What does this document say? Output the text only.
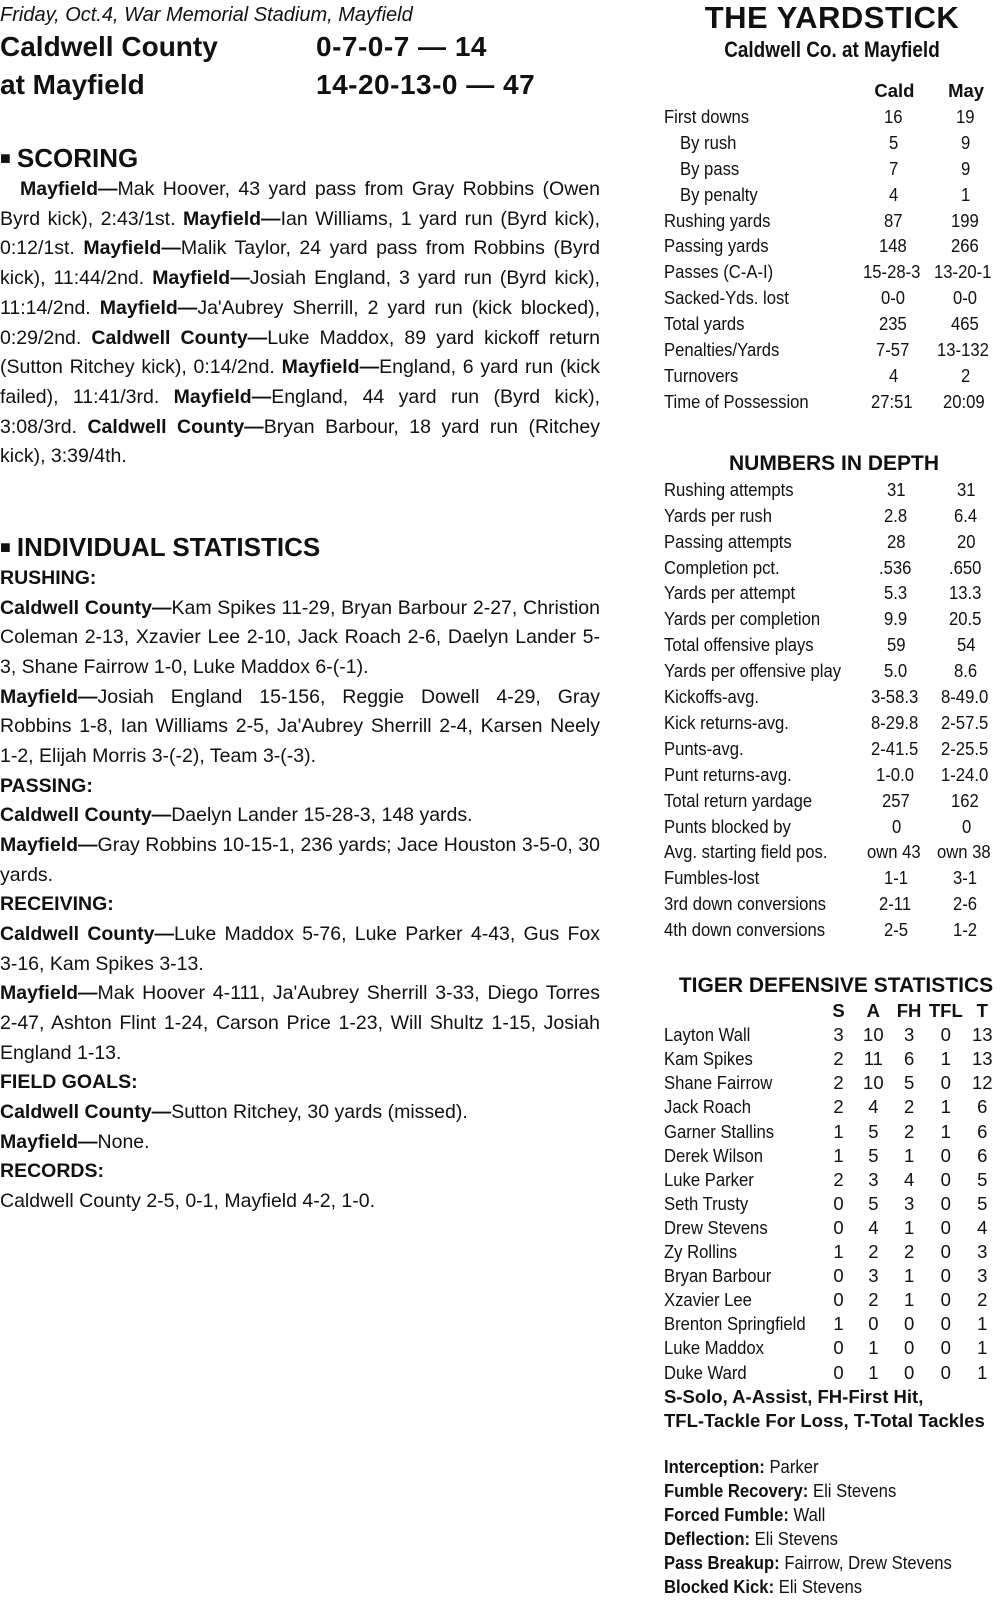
Friday, Oct.4, War Memorial Stadium, Mayfield
Caldwell County	0-7-0-7 — 14
at Mayfield	14-20-13-0 — 47
■ SCORING

Mayfield—Mak Hoover, 43 yard pass from Gray Robbins (Owen Byrd kick), 2:43/1st. Mayfield—Ian Williams, 1 yard run (Byrd kick), 0:12/1st. Mayfield—Malik Taylor, 24 yard pass from Robbins (Byrd kick), 11:44/2nd. Mayfield—Josiah England, 3 yard run (Byrd kick), 11:14/2nd. Mayfield—Ja'Aubrey Sherrill, 2 yard run (kick blocked), 0:29/2nd. Caldwell County—Luke Maddox, 89 yard kickoff return (Sutton Ritchey kick), 0:14/2nd. Mayfield—England, 6 yard run (kick failed), 11:41/3rd. Mayfield—England, 44 yard run (Byrd kick), 3:08/3rd. Caldwell County—Bryan Barbour, 18 yard run (Ritchey kick), 3:39/4th.

■ INDIVIDUAL STATISTICS
RUSHING:

Caldwell County—Kam Spikes 11-29, Bryan Barbour 2-27, Christion Coleman 2-13, Xzavier Lee 2-10, Jack Roach 2-6, Daelyn Lander 5-3, Shane Fairrow 1-0, Luke Maddox 6-(-1).

Mayfield—Josiah England 15-156, Reggie Dowell 4-29, Gray Robbins 1-8, Ian Williams 2-5, Ja'Aubrey Sherrill 2-4, Karsen Neely 1-2, Elijah Morris 3-(-2), Team 3-(-3).

PASSING:

Caldwell County—Daelyn Lander 15-28-3, 148 yards.

Mayfield—Gray Robbins 10-15-1, 236 yards; Jace Houston 3-5-0, 30 yards.

RECEIVING:

Caldwell County—Luke Maddox 5-76, Luke Parker 4-43, Gus Fox 3-16, Kam Spikes 3-13.

Mayfield—Mak Hoover 4-111, Ja'Aubrey Sherrill 3-33, Diego Torres 2-47, Ashton Flint 1-24, Carson Price 1-23, Will Shultz 1-15, Josiah England 1-13.

FIELD GOALS:

Caldwell County—Sutton Ritchey, 30 yards (missed).

Mayfield—None.

RECORDS:
Caldwell County 2-5, 0-1, Mayfield 4-2, 1-0.
THE YARDSTICK
Caldwell Co. at Mayfield
	Cald	May
First downs	16	19
By rush	5	9
By pass	7	9
By penalty	4	1
Rushing yards	87	199
Passing yards	148	266
Passes (C-A-I)	15-28-3	13-20-1
Sacked-Yds. lost	0-0	0-0
Total yards	235	465
Penalties/Yards	7-57	13-132
Turnovers	4	2
Time of Possession	27:51	20:09
NUMBERS IN DEPTH
Rushing attempts	31	31
Yards per rush	2.8	6.4
Passing attempts	28	20
Completion pct.	.536	.650
Yards per attempt	5.3	13.3
Yards per completion	9.9	20.5
Total offensive plays	59	54
Yards per offensive play	5.0	8.6
Kickoffs-avg.	3-58.3	8-49.0
Kick returns-avg.	8-29.8	2-57.5
Punts-avg.	2-41.5	2-25.5
Punt returns-avg.	1-0.0	1-24.0
Total return yardage	257	162
Punts blocked by	0	0
Avg. starting field pos.	own 43	own 38
Fumbles-lost	1-1	3-1
3rd down conversions	2-11	2-6
4th down conversions	2-5	1-2
TIGER DEFENSIVE STATISTICS
	S	A	FH	TFL	T
Layton Wall	3	10	3	0	13
Kam Spikes	2	11	6	1	13
Shane Fairrow	2	10	5	0	12
Jack Roach	2	4	2	1	6
Garner Stallins	1	5	2	1	6
Derek Wilson	1	5	1	0	6
Luke Parker	2	3	4	0	5
Seth Trusty	0	5	3	0	5
Drew Stevens	0	4	1	0	4
Zy Rollins	1	2	2	0	3
Bryan Barbour	0	3	1	0	3
Xzavier Lee	0	2	1	0	2
Brenton Springfield	1	0	0	0	1
Luke Maddox	0	1	0	0	1
Duke Ward	0	1	0	0	1
S-Solo, A-Assist, FH-First Hit,
TFL-Tackle For Loss, T-Total Tackles

Interception: Parker

Fumble Recovery: Eli Stevens

Forced Fumble: Wall

Deflection: Eli Stevens

Pass Breakup: Fairrow, Drew Stevens

Blocked Kick: Eli Stevens
